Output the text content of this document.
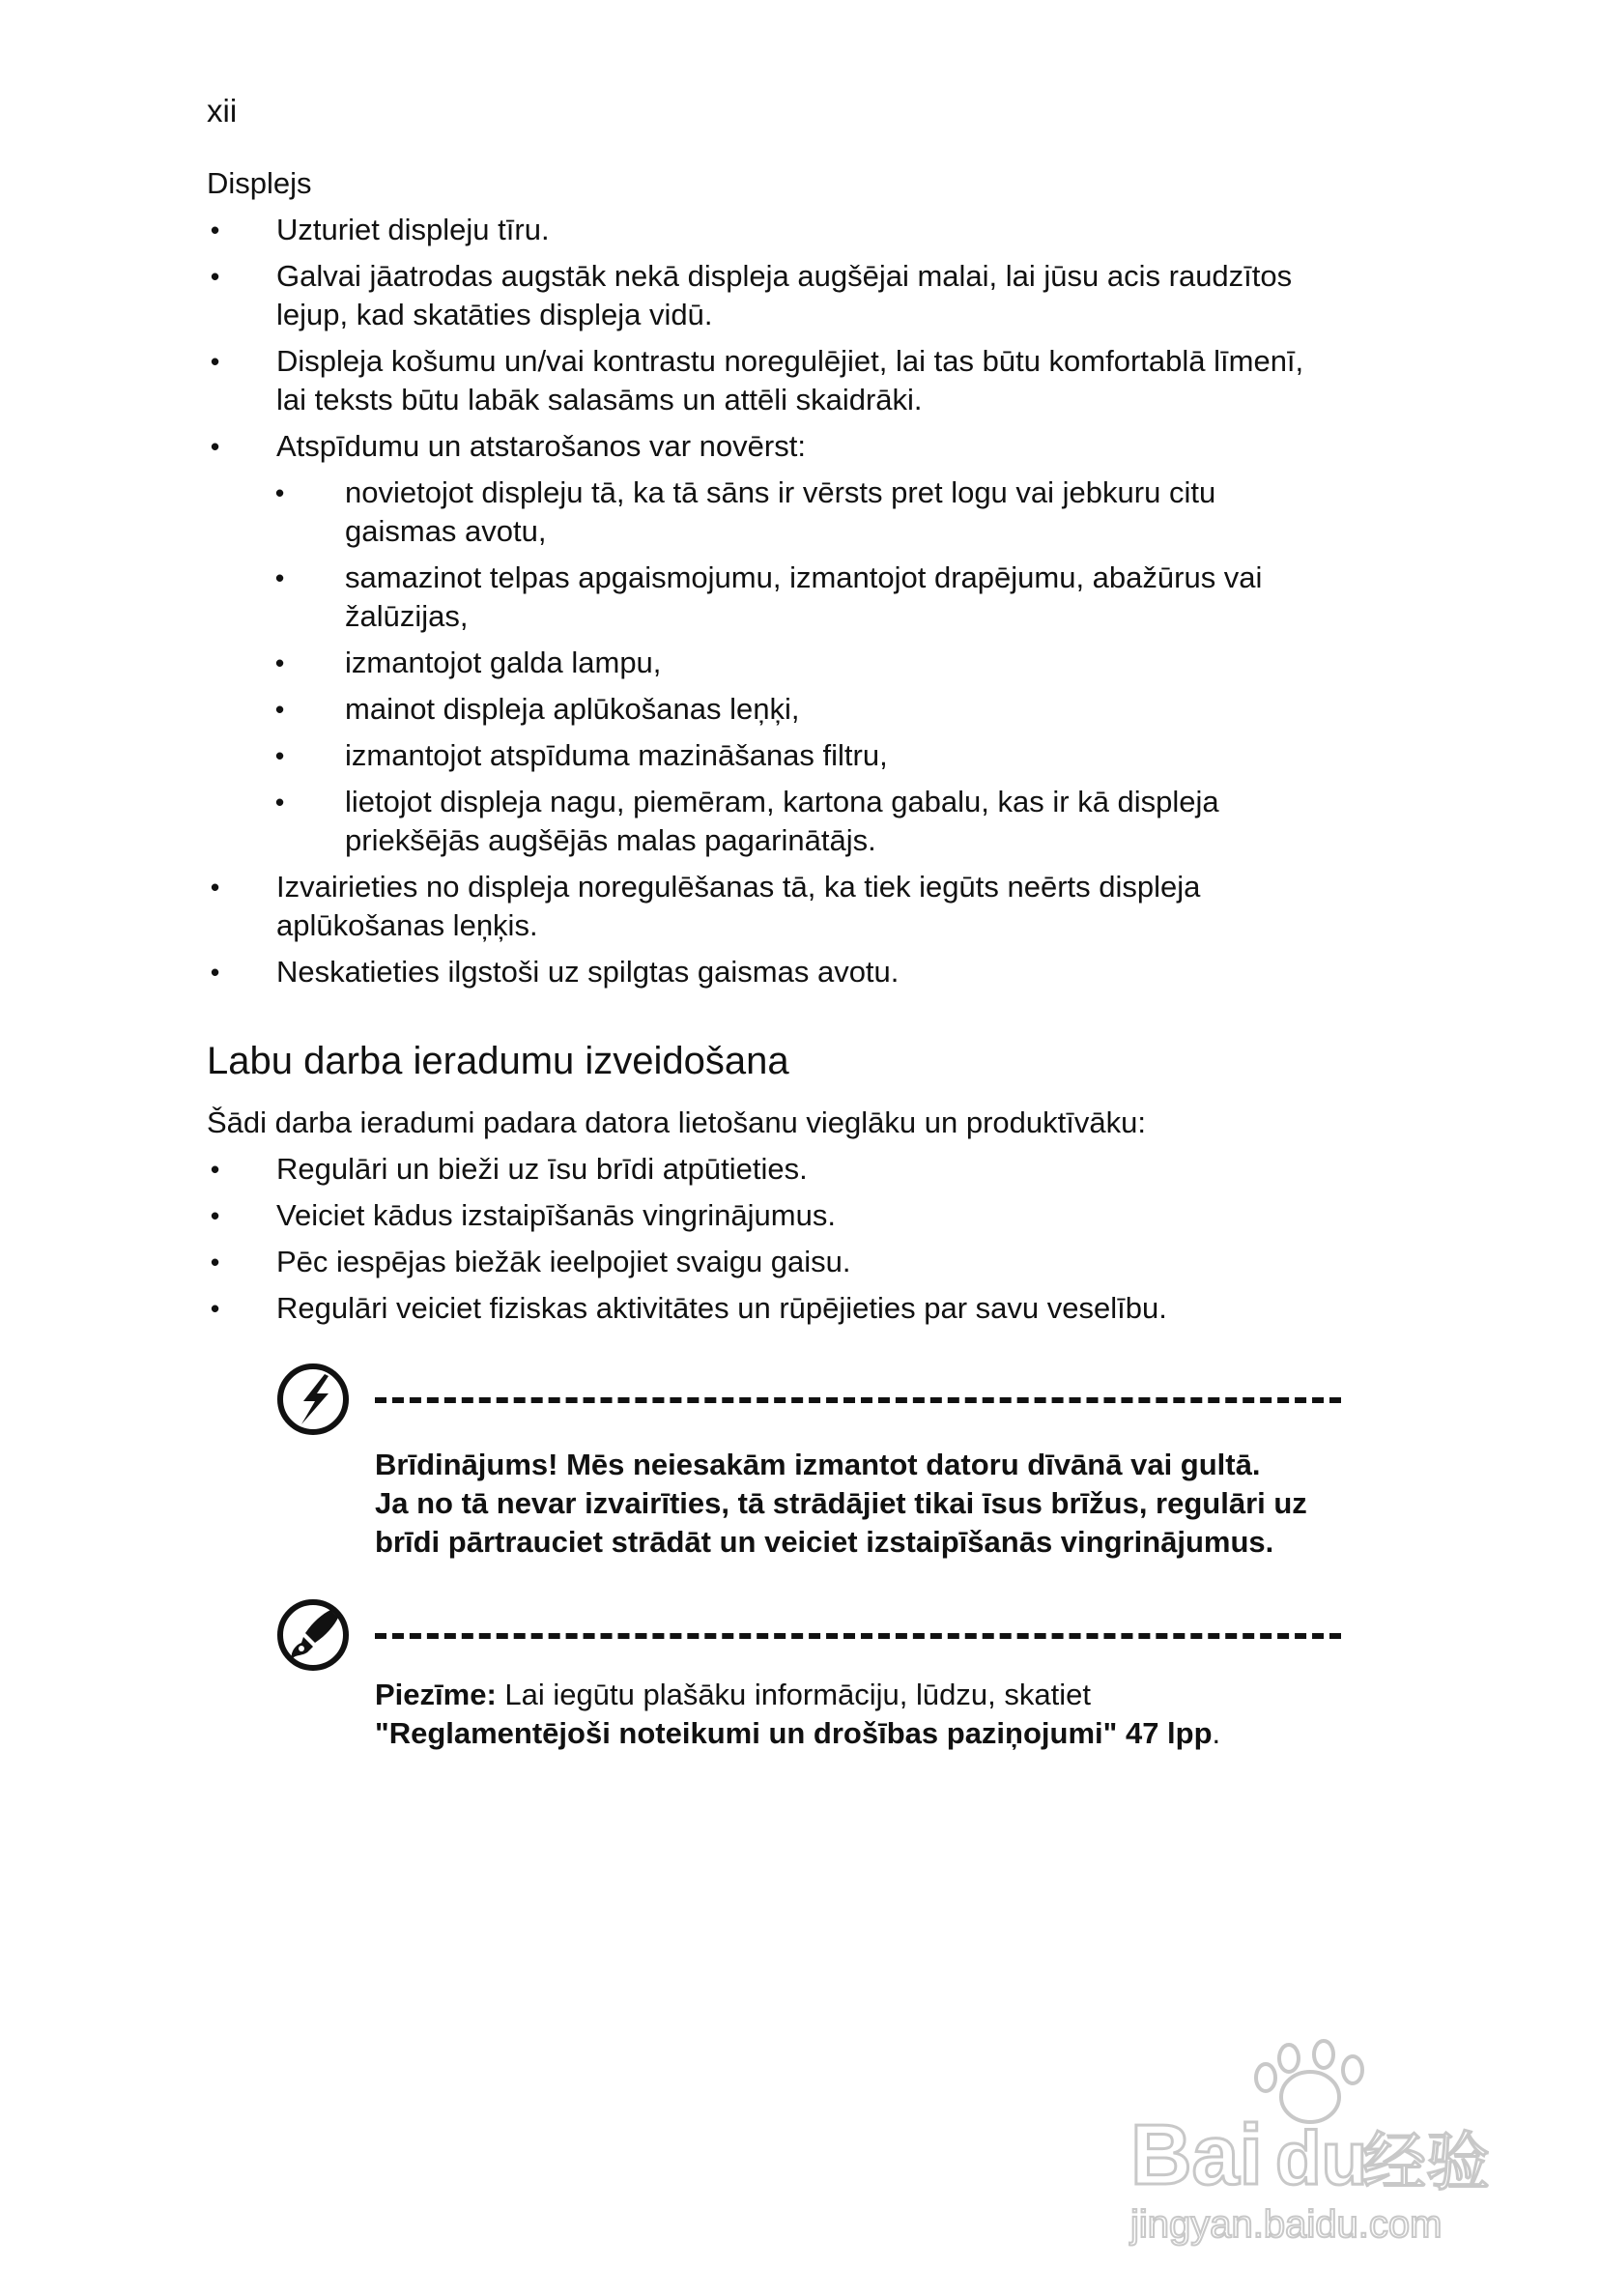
xii
Displejs
• Uzturiet displeju tīru.
• Galvai jāatrodas augstāk nekā displeja augšējai malai, lai jūsu acis raudzītos
lejup, kad skatāties displeja vidū.
• Displeja košumu un/vai kontrastu noregulējiet, lai tas būtu komfortablā līmenī,
lai teksts būtu labāk salasāms un attēli skaidrāki.
• Atspīdumu un atstarošanos var novērst:
• novietojot displeju tā, ka tā sāns ir vērsts pret logu vai jebkuru citu
gaismas avotu,
• samazinot telpas apgaismojumu, izmantojot drapējumu, abažūrus vai
žalūzijas,
• izmantojot galda lampu,
• mainot displeja aplūkošanas leņķi,
• izmantojot atspīduma mazināšanas filtru,
• lietojot displeja nagu, piemēram, kartona gabalu, kas ir kā displeja
priekšējās augšējās malas pagarinātājs.
• Izvairieties no displeja noregulēšanas tā, ka tiek iegūts neērts displeja
aplūkošanas leņķis.
• Neskatieties ilgstoši uz spilgtas gaismas avotu.
Labu darba ieradumu izveidošana
Šādi darba ieradumi padara datora lietošanu vieglāku un produktīvāku:
• Regulāri un bieži uz īsu brīdi atpūtieties.
• Veiciet kādus izstaipīšanās vingrinājumus.
• Pēc iespējas biežāk ieelpojiet svaigu gaisu.
• Regulāri veiciet fiziskas aktivitātes un rūpējieties par savu veselību.
Brīdinājums! Mēs neiesakām izmantot datoru dīvānā vai gultā.
Ja no tā nevar izvairīties, tā strādājiet tikai īsus brīžus, regulāri uz
brīdi pārtrauciet strādāt un veiciet izstaipīšanās vingrinājumus.
Piezīme: Lai iegūtu plašāku informāciju, lūdzu, skatiet
"Reglamentējoši noteikumi un drošības paziņojumi" 47 lpp.
Bai du
经验
jingyan.baidu.com
